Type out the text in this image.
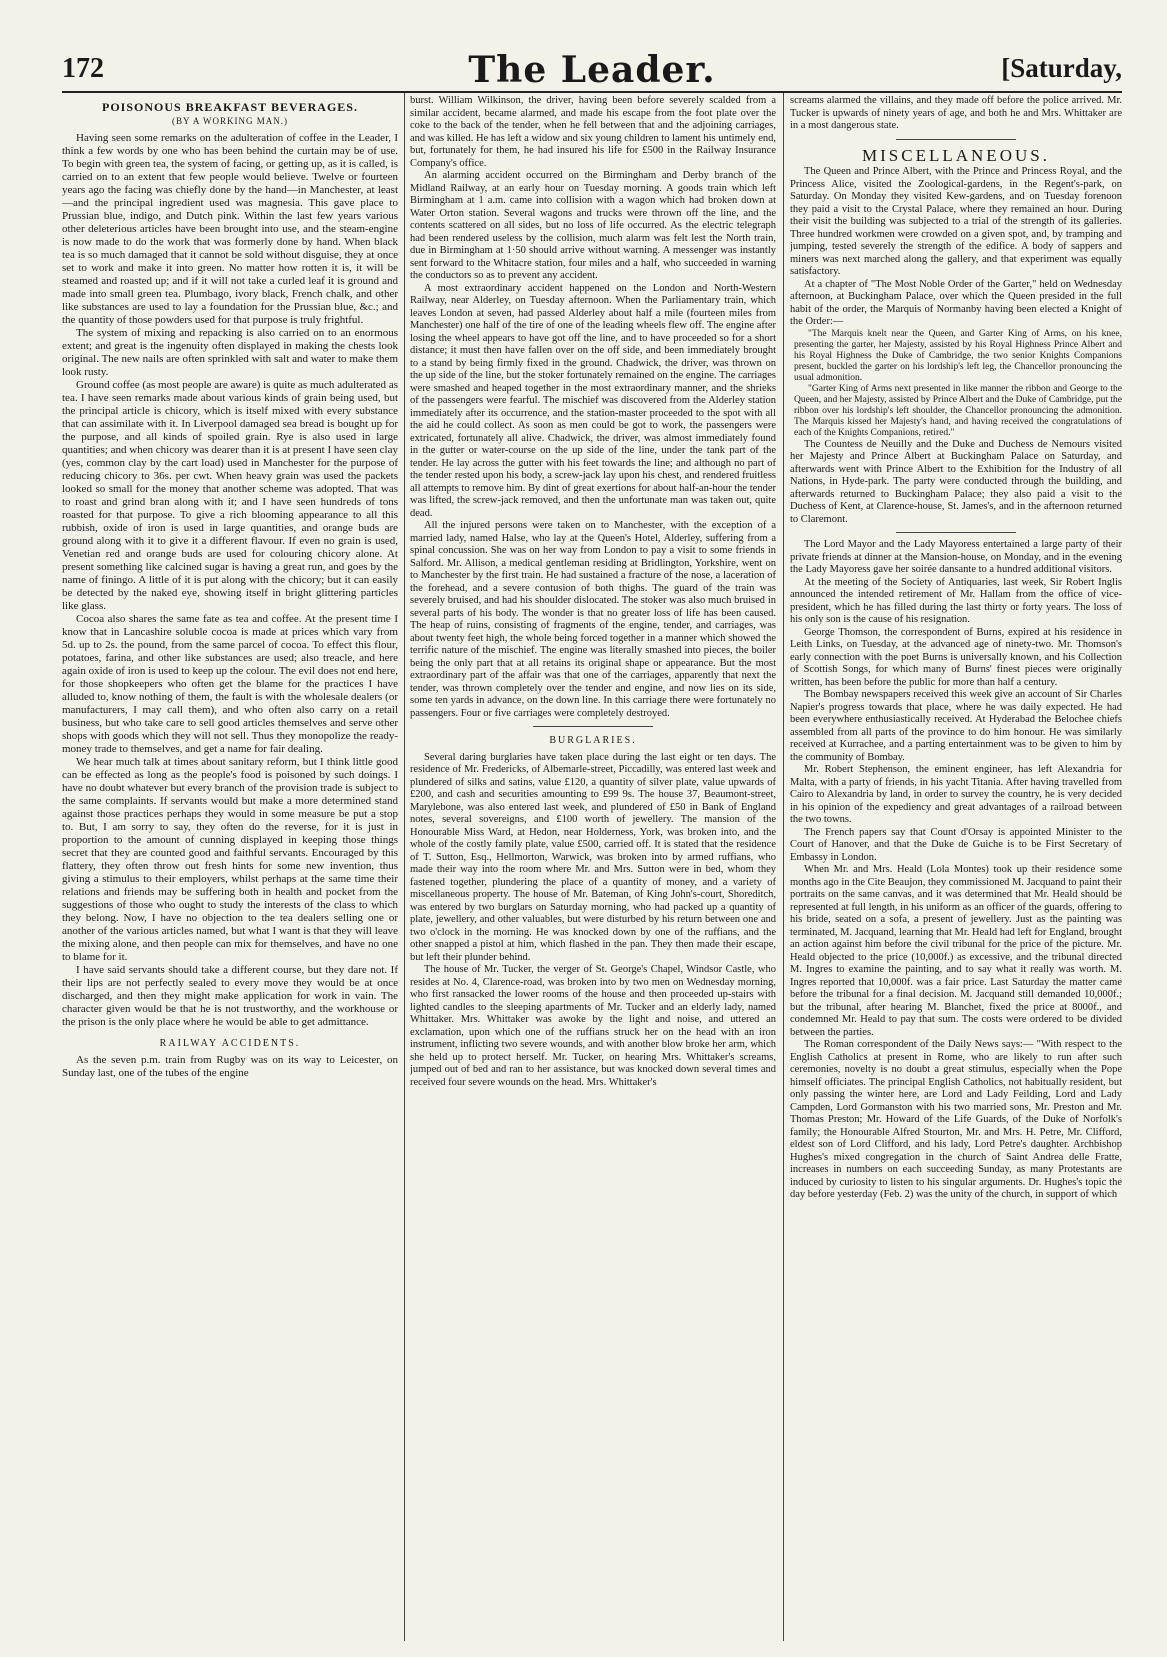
172	The Leader.	[Saturday,
POISONOUS BREAKFAST BEVERAGES.
(BY A WORKING MAN.)

Having seen some remarks on the adulteration of coffee in the Leader, I think a few words by one who has been behind the curtain may be of use. To begin with green tea, the system of facing, or getting up, as it is called, is carried on to an extent that few people would believe. Twelve or fourteen years ago the facing was chiefly done by the hand—in Manchester, at least—and the principal ingredient used was magnesia. This gave place to Prussian blue, indigo, and Dutch pink. Within the last few years various other deleterious articles have been brought into use, and the steam-engine is now made to do the work that was formerly done by hand. When black tea is so much damaged that it cannot be sold without disguise, they at once set to work and make it into green. No matter how rotten it is, it will be steamed and roasted up; and if it will not take a curled leaf it is ground and made into small green tea. Plumbago, ivory black, French chalk, and other like substances are used to lay a foundation for the Prussian blue, &c.; and the quantity of those powders used for that purpose is truly frightful.

The system of mixing and repacking is also carried on to an enormous extent; and great is the ingenuity often displayed in making the chests look original. The new nails are often sprinkled with salt and water to make them look rusty.

Ground coffee (as most people are aware) is quite as much adulterated as tea. I have seen remarks made about various kinds of grain being used, but the principal article is chicory, which is itself mixed with every substance that can assimilate with it. In Liverpool damaged sea bread is bought up for the purpose, and all kinds of spoiled grain. Rye is also used in large quantities; and when chicory was dearer than it is at present I have seen clay (yes, common clay by the cart load) used in Manchester for the purpose of reducing chicory to 36s. per cwt. When heavy grain was used the packets looked so small for the money that another scheme was adopted. That was to roast and grind bran along with it; and I have seen hundreds of tons roasted for that purpose. To give a rich blooming appearance to all this rubbish, oxide of iron is used in large quantities, and orange buds are ground along with it to give it a different flavour. If even no grain is used, Venetian red and orange buds are used for colouring chicory alone. At present something like calcined sugar is having a great run, and goes by the name of finingo. A little of it is put along with the chicory; but it can easily be detected by the naked eye, showing itself in bright glittering particles like glass.

Cocoa also shares the same fate as tea and coffee. At the present time I know that in Lancashire soluble cocoa is made at prices which vary from 5d. up to 2s. the pound, from the same parcel of cocoa. To effect this flour, potatoes, farina, and other like substances are used; also treacle, and here again oxide of iron is used to keep up the colour. The evil does not end here, for those shopkeepers who often get the blame for the practices I have alluded to, know nothing of them, the fault is with the wholesale dealers (or manufacturers, I may call them), and who often also carry on a retail business, but who take care to sell good articles themselves and serve other shops with goods which they will not sell. Thus they monopolize the ready-money trade to themselves, and get a name for fair dealing.

We hear much talk at times about sanitary reform, but I think little good can be effected as long as the people's food is poisoned by such doings. I have no doubt whatever but every branch of the provision trade is subject to the same complaints. If servants would but make a more determined stand against those practices perhaps they would in some measure be put a stop to. But, I am sorry to say, they often do the reverse, for it is just in proportion to the amount of cunning displayed in keeping those things secret that they are counted good and faithful servants. Encouraged by this flattery, they often throw out fresh hints for some new invention, thus giving a stimulus to their employers, whilst perhaps at the same time their relations and friends may be suffering both in health and pocket from the suggestions of those who ought to study the interests of the class to which they belong. Now, I have no objection to the tea dealers selling one or another of the various articles named, but what I want is that they will leave the mixing alone, and then people can mix for themselves, and have no one to blame for it.

I have said servants should take a different course, but they dare not. If their lips are not perfectly sealed to every move they would be at once discharged, and then they might make application for work in vain. The character given would be that he is not trustworthy, and the workhouse or the prison is the only place where he would be able to get admittance.

RAILWAY ACCIDENTS.

As the seven p.m. train from Rugby was on its way to Leicester, on Sunday last, one of the tubes of the engine

burst. William Wilkinson, the driver, having been before severely scalded from a similar accident, became alarmed, and made his escape from the foot plate over the coke to the back of the tender, when he fell between that and the adjoining carriages, and was killed. He has left a widow and six young children to lament his untimely end, but, fortunately for them, he had insured his life for £500 in the Railway Insurance Company's office.

An alarming accident occurred on the Birmingham and Derby branch of the Midland Railway, at an early hour on Tuesday morning. A goods train which left Birmingham at 1 a.m. came into collision with a wagon which had broken down at Water Orton station. Several wagons and trucks were thrown off the line, and the contents scattered on all sides, but no loss of life occurred. As the electric telegraph had been rendered useless by the collision, much alarm was felt lest the North train, due in Birmingham at 1·50 should arrive without warning. A messenger was instantly sent forward to the Whitacre station, four miles and a half, who succeeded in warning the conductors so as to prevent any accident.

A most extraordinary accident happened on the London and North-Western Railway, near Alderley, on Tuesday afternoon. When the Parliamentary train, which leaves London at seven, had passed Alderley about half a mile (fourteen miles from Manchester) one half of the tire of one of the leading wheels flew off. The engine after losing the wheel appears to have got off the line, and to have proceeded so for a short distance; it must then have fallen over on the off side, and been immediately brought to a stand by being firmly fixed in the ground. Chadwick, the driver, was thrown on the up side of the line, but the stoker fortunately remained on the engine. The carriages were smashed and heaped together in the most extraordinary manner, and the shrieks of the passengers were fearful. The mischief was discovered from the Alderley station immediately after its occurrence, and the station-master proceeded to the spot with all the aid he could collect. As soon as men could be got to work, the passengers were extricated, fortunately all alive. Chadwick, the driver, was almost immediately found in the gutter or water-course on the up side of the line, under the tank part of the tender. He lay across the gutter with his feet towards the line; and although no part of the tender rested upon his body, a screw-jack lay upon his chest, and rendered fruitless all attempts to remove him. By dint of great exertions for about half-an-hour the tender was lifted, the screw-jack removed, and then the unfortunate man was taken out, quite dead.

All the injured persons were taken on to Manchester, with the exception of a married lady, named Halse, who lay at the Queen's Hotel, Alderley, suffering from a spinal concussion. She was on her way from London to pay a visit to some friends in Salford. Mr. Allison, a medical gentleman residing at Bridlington, Yorkshire, went on to Manchester by the first train. He had sustained a fracture of the nose, a laceration of the forehead, and a severe contusion of both thighs. The guard of the train was severely bruised, and had his shoulder dislocated. The stoker was also much bruised in several parts of his body. The wonder is that no greater loss of life has been caused. The heap of ruins, consisting of fragments of the engine, tender, and carriages, was about twenty feet high, the whole being forced together in a manner which showed the terrific nature of the mischief. The engine was literally smashed into pieces, the boiler being the only part that at all retains its original shape or appearance. But the most extraordinary part of the affair was that one of the carriages, apparently that next the tender, was thrown completely over the tender and engine, and now lies on its side, some ten yards in advance, on the down line. In this carriage there were fortunately no passengers. Four or five carriages were completely destroyed.

BURGLARIES.

Several daring burglaries have taken place during the last eight or ten days. The residence of Mr. Fredericks, of Albemarle-street, Piccadilly, was entered last week and plundered of silks and satins, value £120, a quantity of silver plate, value upwards of £200, and cash and securities amounting to £99 9s. The house 37, Beaumont-street, Marylebone, was also entered last week, and plundered of £50 in Bank of England notes, several sovereigns, and £100 worth of jewellery. The mansion of the Honourable Miss Ward, at Hedon, near Holderness, York, was broken into, and the whole of the costly family plate, value £500, carried off. It is stated that the residence of T. Sutton, Esq., Hellmorton, Warwick, was broken into by armed ruffians, who made their way into the room where Mr. and Mrs. Sutton were in bed, whom they fastened together, plundering the place of a quantity of money, and a variety of miscellaneous property. The house of Mr. Bateman, of King John's-court, Shoreditch, was entered by two burglars on Saturday morning, who had packed up a quantity of plate, jewellery, and other valuables, but were disturbed by his return between one and two o'clock in the morning. He was knocked down by one of the ruffians, and the other snapped a pistol at him, which flashed in the pan. They then made their escape, but left their plunder behind.

The house of Mr. Tucker, the verger of St. George's Chapel, Windsor Castle, who resides at No. 4, Clarence-road, was broken into by two men on Wednesday morning, who first ransacked the lower rooms of the house and then proceeded up-stairs with lighted candles to the sleeping apartments of Mr. Tucker and an elderly lady, named Whittaker. Mrs. Whittaker was awoke by the light and noise, and uttered an exclamation, upon which one of the ruffians struck her on the head with an iron instrument, inflicting two severe wounds, and with another blow broke her arm, which she held up to protect herself. Mr. Tucker, on hearing Mrs. Whittaker's screams, jumped out of bed and ran to her assistance, but was knocked down several times and received four severe wounds on the head. Mrs. Whittaker's

screams alarmed the villains, and they made off before the police arrived. Mr. Tucker is upwards of ninety years of age, and both he and Mrs. Whittaker are in a most dangerous state.

MISCELLANEOUS.

The Queen and Prince Albert, with the Prince and Princess Royal, and the Princess Alice, visited the Zoological-gardens, in the Regent's-park, on Saturday. On Monday they visited Kew-gardens, and on Tuesday forenoon they paid a visit to the Crystal Palace, where they remained an hour. During their visit the building was subjected to a trial of the strength of its galleries. Three hundred workmen were crowded on a given spot, and, by tramping and jumping, tested severely the strength of the edifice. A body of sappers and miners was next marched along the gallery, and that experiment was equally satisfactory.

At a chapter of "The Most Noble Order of the Garter," held on Wednesday afternoon, at Buckingham Palace, over which the Queen presided in the full habit of the order, the Marquis of Normanby having been elected a Knight of the Order:—

"The Marquis knelt near the Queen, and Garter King of Arms, on his knee, presenting the garter, her Majesty, assisted by his Royal Highness Prince Albert and his Royal Highness the Duke of Cambridge, the two senior Knights Companions present, buckled the garter on his lordship's left leg, the Chancellor pronouncing the usual admonition.

"Garter King of Arms next presented in like manner the ribbon and George to the Queen, and her Majesty, assisted by Prince Albert and the Duke of Cambridge, put the ribbon over his lordship's left shoulder, the Chancellor pronouncing the admonition. The Marquis kissed her Majesty's hand, and having received the congratulations of each of the Knights Companions, retired."

The Countess de Neuilly and the Duke and Duchess de Nemours visited her Majesty and Prince Albert at Buckingham Palace on Saturday, and afterwards went with Prince Albert to the Exhibition for the Industry of all Nations, in Hyde-park. The party were conducted through the building, and afterwards returned to Buckingham Palace; they also paid a visit to the Duchess of Kent, at Clarence-house, St. James's, and in the afternoon returned to Claremont.

The Lord Mayor and the Lady Mayoress entertained a large party of their private friends at dinner at the Mansion-house, on Monday, and in the evening the Lady Mayoress gave her soirée dansante to a hundred additional visitors.

At the meeting of the Society of Antiquaries, last week, Sir Robert Inglis announced the intended retirement of Mr. Hallam from the office of vice-president, which he has filled during the last thirty or forty years. The loss of his only son is the cause of his resignation.

George Thomson, the correspondent of Burns, expired at his residence in Leith Links, on Tuesday, at the advanced age of ninety-two. Mr. Thomson's early connection with the poet Burns is universally known, and his Collection of Scottish Songs, for which many of Burns' finest pieces were originally written, has been before the public for more than half a century.

The Bombay newspapers received this week give an account of Sir Charles Napier's progress towards that place, where he was daily expected. He had been everywhere enthusiastically received. At Hyderabad the Belochee chiefs assembled from all parts of the province to do him honour. He was similarly received at Kurrachee, and a parting entertainment was to be given to him by the community of Bombay.

Mr. Robert Stephenson, the eminent engineer, has left Alexandria for Malta, with a party of friends, in his yacht Titania. After having travelled from Cairo to Alexandria by land, in order to survey the country, he is very decided in his opinion of the expediency and great advantages of a railroad between the two towns.

The French papers say that Count d'Orsay is appointed Minister to the Court of Hanover, and that the Duke de Guiche is to be First Secretary of Embassy in London.

When Mr. and Mrs. Heald (Lola Montes) took up their residence some months ago in the Cite Beaujon, they commissioned M. Jacquand to paint their portraits on the same canvas, and it was determined that Mr. Heald should be represented at full length, in his uniform as an officer of the guards, offering to his bride, seated on a sofa, a present of jewellery. Just as the painting was terminated, M. Jacquand, learning that Mr. Heald had left for England, brought an action against him before the civil tribunal for the price of the picture. Mr. Heald objected to the price (10,000f.) as excessive, and the tribunal directed M. Ingres to examine the painting, and to say what it really was worth. M. Ingres reported that 10,000f. was a fair price. Last Saturday the matter came before the tribunal for a final decision. M. Jacquand still demanded 10,000f.; but the tribunal, after hearing M. Blanchet, fixed the price at 8000f., and condemned Mr. Heald to pay that sum. The costs were ordered to be divided between the parties.

The Roman correspondent of the Daily News says:— "With respect to the English Catholics at present in Rome, who are likely to run after such ceremonies, novelty is no doubt a great stimulus, especially when the Pope himself officiates. The principal English Catholics, not habitually resident, but only passing the winter here, are Lord and Lady Feilding, Lord and Lady Campden, Lord Gormanston with his two married sons, Mr. Preston and Mr. Thomas Preston; Mr. Howard of the Life Guards, of the Duke of Norfolk's family; the Honourable Alfred Stourton, Mr. and Mrs. H. Petre, Mr. Clifford, eldest son of Lord Clifford, and his lady, Lord Petre's daughter. Archbishop Hughes's mixed congregation in the church of Saint Andrea delle Fratte, increases in numbers on each succeeding Sunday, as many Protestants are induced by curiosity to listen to his singular arguments. Dr. Hughes's topic the day before yesterday (Feb. 2) was the unity of the church, in support of which
